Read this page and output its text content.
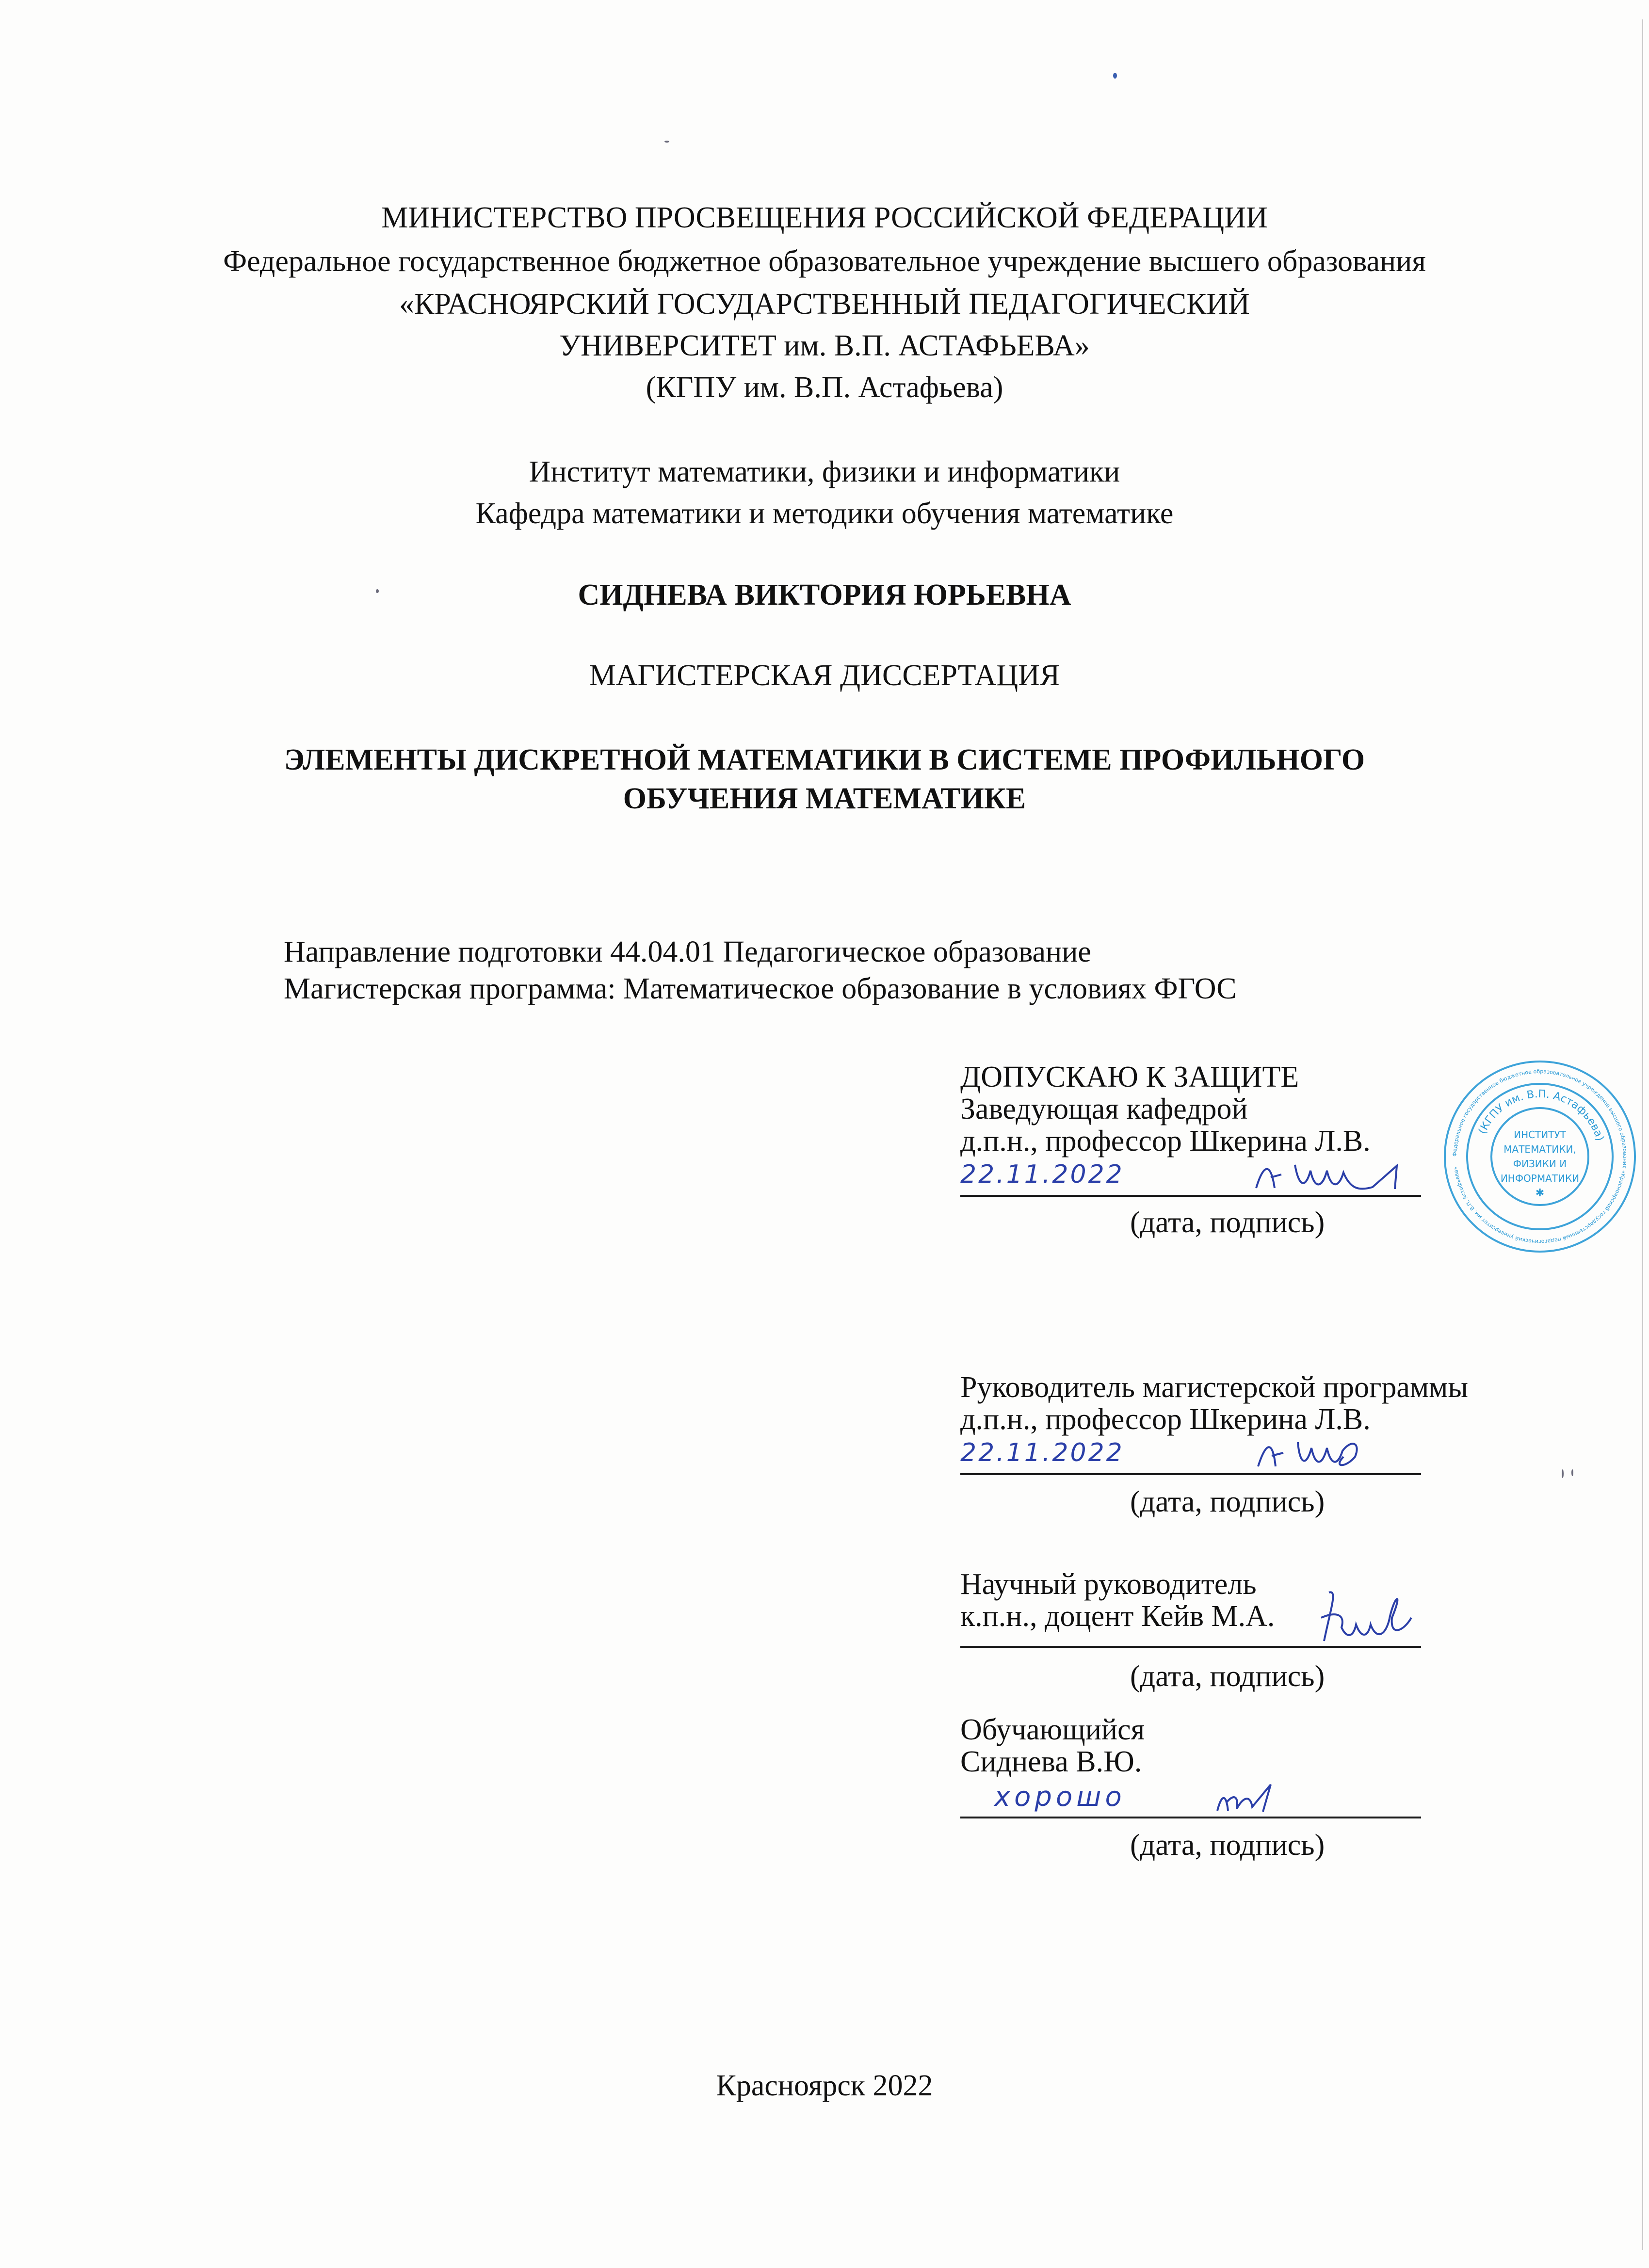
МИНИСТЕРСТВО ПРОСВЕЩЕНИЯ РОССИЙСКОЙ ФЕДЕРАЦИИ
Федеральное государственное бюджетное образовательное учреждение высшего образования
«КРАСНОЯРСКИЙ ГОСУДАРСТВЕННЫЙ ПЕДАГОГИЧЕСКИЙ
УНИВЕРСИТЕТ им. В.П. АСТАФЬЕВА»
(КГПУ им. В.П. Астафьева)
Институт математики, физики и информатики
Кафедра математики и методики обучения математике
СИДНЕВА ВИКТОРИЯ ЮРЬЕВНА
МАГИСТЕРСКАЯ ДИССЕРТАЦИЯ
ЭЛЕМЕНТЫ ДИСКРЕТНОЙ МАТЕМАТИКИ В СИСТЕМЕ ПРОФИЛЬНОГО
ОБУЧЕНИЯ МАТЕМАТИКЕ
Направление подготовки 44.04.01 Педагогическое образование
Магистерская программа: Математическое образование в условиях ФГОС
Федеральное государственное бюджетное образовательное учреждение высшего образования «Красноярский государственный педагогический университет им. В.П. Астафьева»
(КГПУ им. В.П. Астафьева)
ИНСТИТУТ
МАТЕМАТИКИ,
ФИЗИКИ И
ИНФОРМАТИКИ
✱
ДОПУСКАЮ К ЗАЩИТЕ
Заведующая кафедрой
д.п.н., профессор Шкерина Л.В.
22.11.2022
(дата, подпись)
Руководитель магистерской программы
д.п.н., профессор Шкерина Л.В.
22.11.2022
(дата, подпись)
Научный руководитель
к.п.н., доцент Кейв М.А.
(дата, подпись)
Обучающийся
Сиднева В.Ю.
хорошо
(дата, подпись)
Красноярск 2022
